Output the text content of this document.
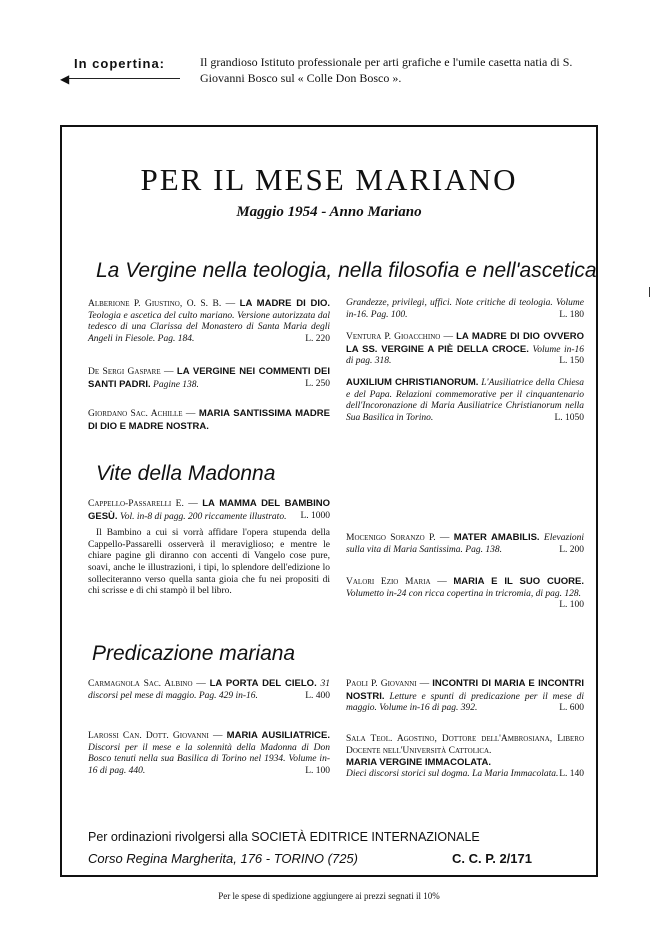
In copertina:
◀
Il grandioso Istituto professionale per arti grafiche e l'umile casetta natia di S. Giovanni Bosco sul « Colle Don Bosco ».
PER IL MESE MARIANO
Maggio 1954 - Anno Mariano
La Vergine nella teologia, nella filosofia e nell'ascetica
Alberione P. Giustino, O. S. B. — LA MADRE DI DIO. Teologia e ascetica del culto mariano. Versione autorizzata dal tedesco di una Clarissa del Monastero di Santa Maria degli Angeli in Fiesole. Pag. 184.	L. 220
De Sergi Gaspare — LA VERGINE NEI COMMENTI DEI SANTI PADRI. Pagine 138.	L. 250
Giordano Sac. Achille — MARIA SANTISSIMA MADRE DI DIO E MADRE NOSTRA.
Grandezze, privilegi, uffici. Note critiche di teologia. Volume in-16. Pag. 100.	L. 180
Ventura P. Gioacchino — LA MADRE DI DIO OVVERO LA SS. VERGINE A PIÈ DELLA CROCE. Volume in-16 di pag. 318.	L. 150
AUXILIUM CHRISTIANORUM. L'Ausiliatrice della Chiesa e del Papa. Relazioni commemorative per il cinquantenario dell'Incoronazione di Maria Ausiliatrice Christianorum nella Sua Basilica in Torino.	L. 1050
Vite della Madonna
Cappello-Passarelli E. — LA MAMMA DEL BAMBINO GESÙ. Vol. in-8 di pagg. 200 riccamente illustrato. L. 1000
Il Bambino a cui si vorrà affidare l'opera stupenda della Cappello-Passarelli osserverà il meraviglioso; e mentre le chiare pagine gli diranno con accenti di Vangelo cose pure, soavi, anche le illustrazioni, i tipi, lo splendore dell'edizione lo solleciteranno verso quella santa gioia che fu nei propositi di chi scrisse e di chi stampò il bel libro.
Mocenigo Soranzo P. — MATER AMABILIS. Elevazioni sulla vita di Maria Santissima. Pag. 138.	L. 200
Valori Ezio Maria — MARIA E IL SUO CUORE. Volumetto in-24 con ricca copertina in tricromia, di pag. 128.
L. 100
Predicazione mariana
Carmagnola Sac. Albino — LA PORTA DEL CIELO. 31 discorsi pel mese di maggio. Pag. 429 in-16.	L. 400
Larossi Can. Dott. Giovanni — MARIA AUSILIATRICE. Discorsi per il mese e la solennità della Madonna di Don Bosco tenuti nella sua Basilica di Torino nel 1934. Volume in-16 di pag. 440.	L. 100
Paoli P. Giovanni — INCONTRI DI MARIA E INCONTRI NOSTRI. Letture e spunti di predicazione per il mese di maggio. Volume in-16 di pag. 392.	L. 600
Sala Teol. Agostino, Dottore dell'Ambrosiana, Libero Docente nell'Università Cattolica.
MARIA VERGINE IMMACOLATA.
Dieci discorsi storici sul dogma. La Maria Immacolata. L. 140
Per ordinazioni rivolgersi alla SOCIETÀ EDITRICE INTERNAZIONALE
Corso Regina Margherita, 176 - TORINO (725)	C. C. P. 2/171
Per le spese di spedizione aggiungere ai prezzi segnati il 10%
